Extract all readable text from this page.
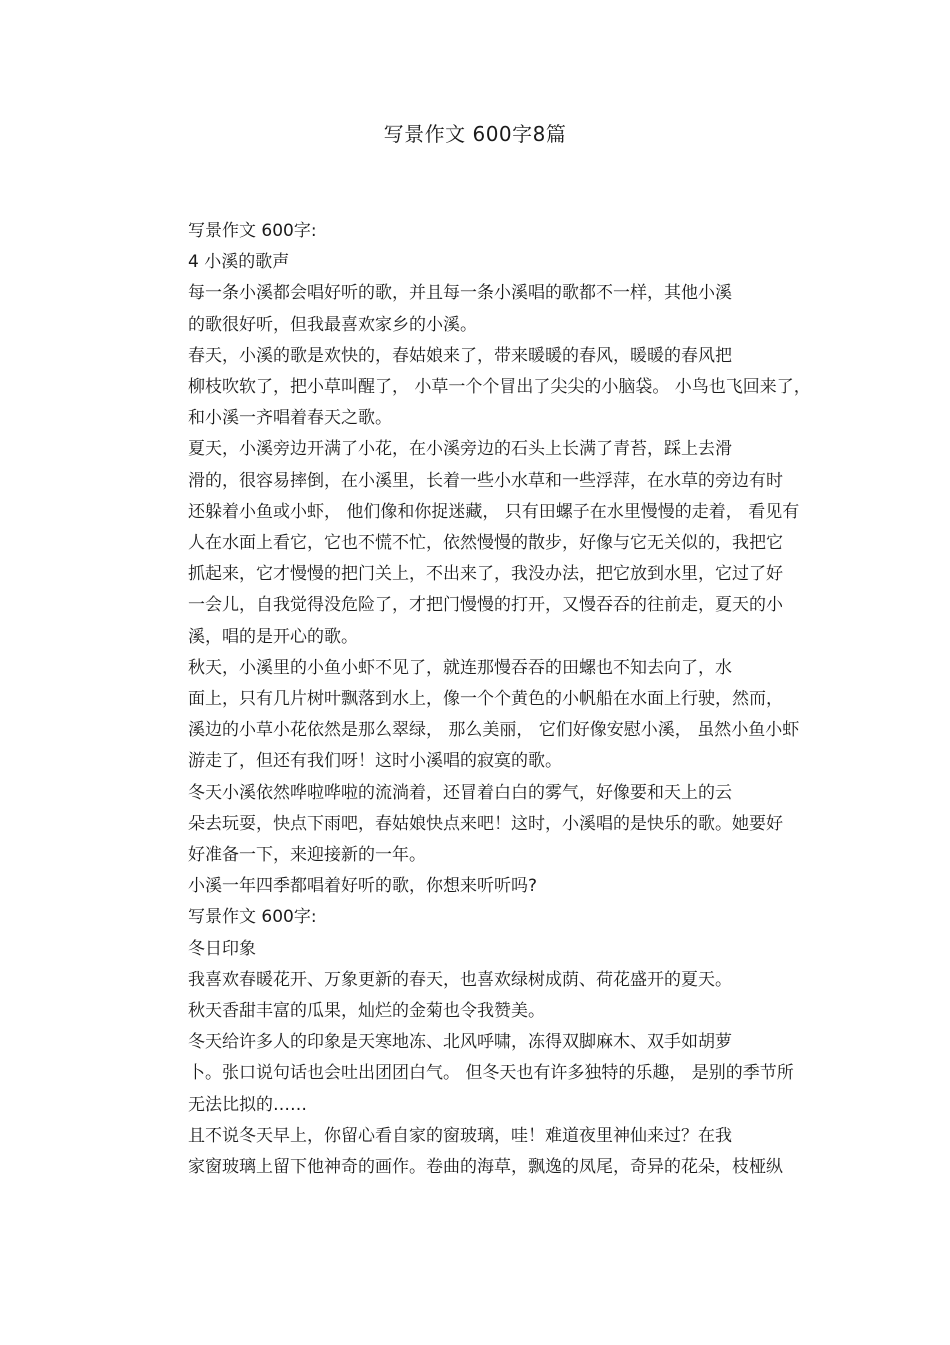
写景作文 600字8篇

写景作文 600字:

4 小溪的歌声

每一条小溪都会唱好听的歌，并且每一条小溪唱的歌都不一样，其他小溪
的歌很好听，但我最喜欢家乡的小溪。

春天，小溪的歌是欢快的，春姑娘来了，带来暖暖的春风，暖暖的春风把
柳枝吹软了，把小草叫醒了， 小草一个个冒出了尖尖的小脑袋。 小鸟也飞回来了，
和小溪一齐唱着春天之歌。

夏天，小溪旁边开满了小花，在小溪旁边的石头上长满了青苔，踩上去滑
滑的，很容易摔倒，在小溪里，长着一些小水草和一些浮萍，在水草的旁边有时
还躲着小鱼或小虾， 他们像和你捉迷藏， 只有田螺子在水里慢慢的走着， 看见有
人在水面上看它，它也不慌不忙，依然慢慢的散步，好像与它无关似的，我把它
抓起来，它才慢慢的把门关上，不出来了，我没办法，把它放到水里，它过了好
一会儿，自我觉得没危险了，才把门慢慢的打开，又慢吞吞的往前走，夏天的小
溪，唱的是开心的歌。

秋天，小溪里的小鱼小虾不见了，就连那慢吞吞的田螺也不知去向了，水
面上，只有几片树叶飘落到水上，像一个个黄色的小帆船在水面上行驶，然而，
溪边的小草小花依然是那么翠绿， 那么美丽， 它们好像安慰小溪， 虽然小鱼小虾
游走了，但还有我们呀！这时小溪唱的寂寞的歌。

冬天小溪依然哗啦哗啦的流淌着，还冒着白白的雾气，好像要和天上的云
朵去玩耍，快点下雨吧，春姑娘快点来吧！这时，小溪唱的是快乐的歌。她要好
好准备一下，来迎接新的一年。

小溪一年四季都唱着好听的歌，你想来听听吗?

写景作文 600字:

冬日印象

我喜欢春暖花开、万象更新的春天，也喜欢绿树成荫、荷花盛开的夏天。
秋天香甜丰富的瓜果，灿烂的金菊也令我赞美。

冬天给许多人的印象是天寒地冻、北风呼啸，冻得双脚麻木、双手如胡萝
卜。张口说句话也会吐出团团白气。 但冬天也有许多独特的乐趣， 是别的季节所
无法比拟的……

且不说冬天早上，你留心看自家的窗玻璃，哇！难道夜里神仙来过？在我
家窗玻璃上留下他神奇的画作。卷曲的海草，飘逸的凤尾，奇异的花朵，枝桠纵
